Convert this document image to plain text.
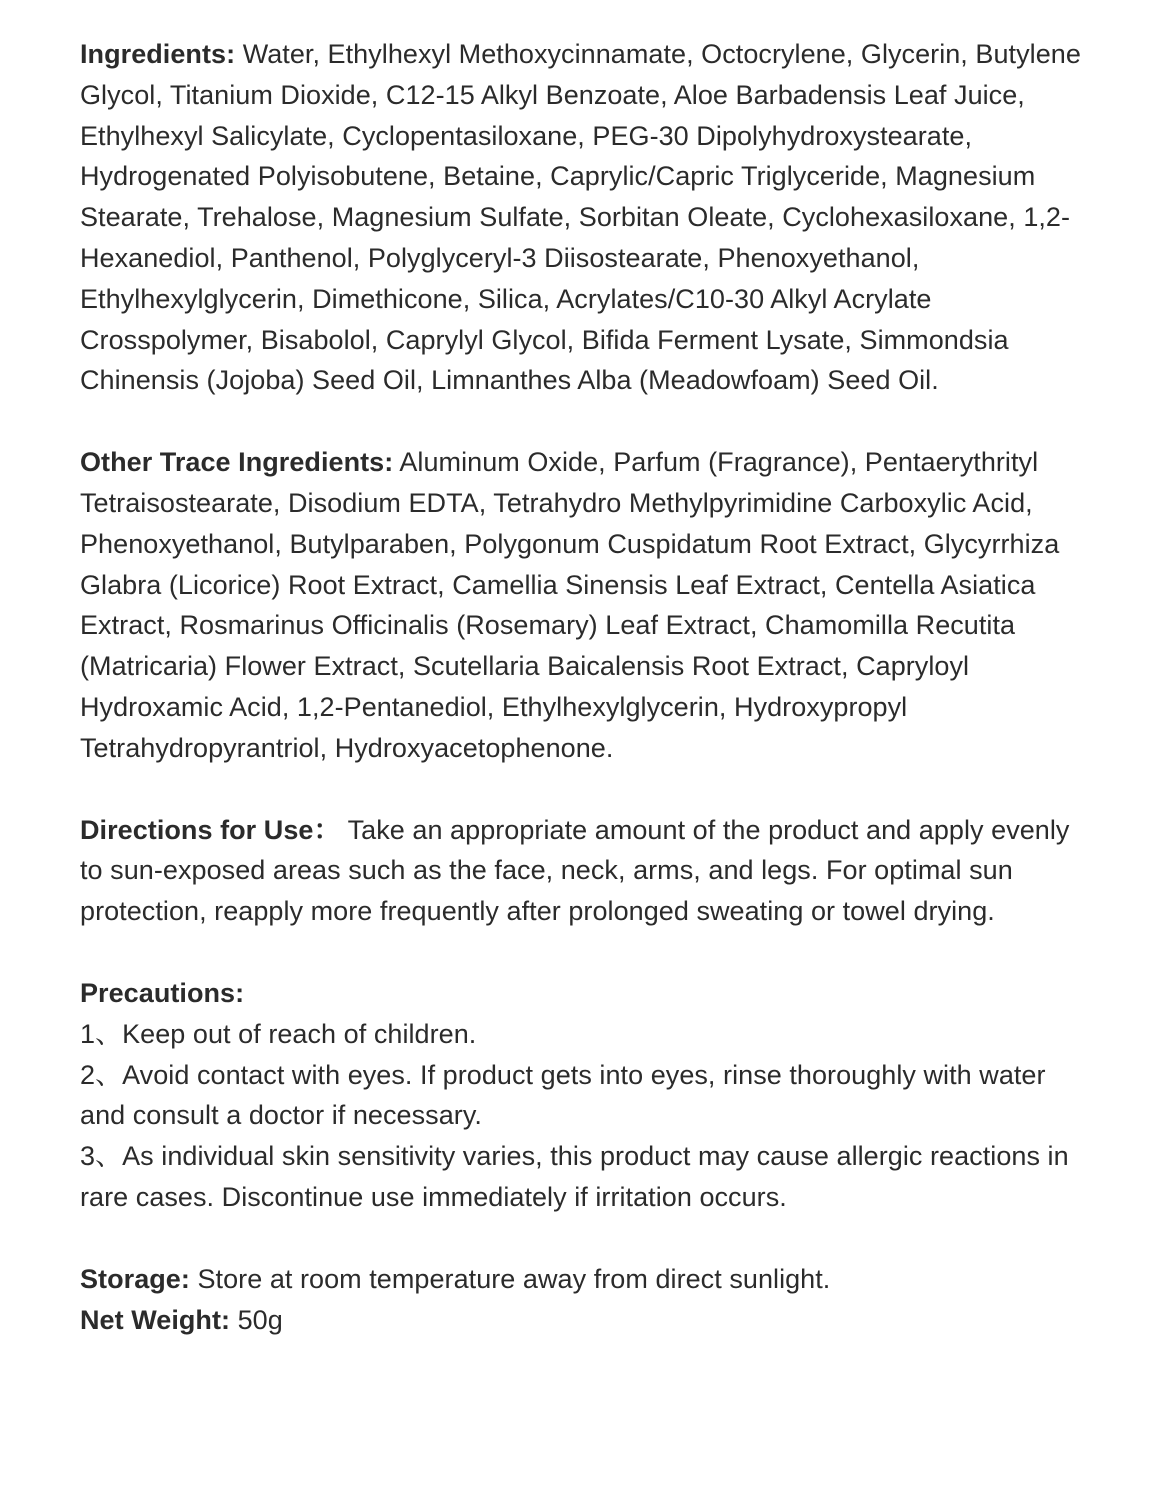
Ingredients: Water, Ethylhexyl Methoxycinnamate, Octocrylene, Glycerin, Butylene Glycol, Titanium Dioxide, C12-15 Alkyl Benzoate, Aloe Barbadensis Leaf Juice, Ethylhexyl Salicylate, Cyclopentasiloxane, PEG-30 Dipolyhydroxystearate, Hydrogenated Polyisobutene, Betaine, Caprylic/Capric Triglyceride, Magnesium Stearate, Trehalose, Magnesium Sulfate, Sorbitan Oleate, Cyclohexasiloxane, 1,2-Hexanediol, Panthenol, Polyglyceryl-3 Diisostearate, Phenoxyethanol, Ethylhexylglycerin, Dimethicone, Silica, Acrylates/C10-30 Alkyl Acrylate Crosspolymer, Bisabolol, Caprylyl Glycol, Bifida Ferment Lysate, Simmondsia Chinensis (Jojoba) Seed Oil, Limnanthes Alba (Meadowfoam) Seed Oil.

Other Trace Ingredients: Aluminum Oxide, Parfum (Fragrance), Pentaerythrityl Tetraisostearate, Disodium EDTA, Tetrahydro Methylpyrimidine Carboxylic Acid, Phenoxyethanol, Butylparaben, Polygonum Cuspidatum Root Extract, Glycyrrhiza Glabra (Licorice) Root Extract, Camellia Sinensis Leaf Extract, Centella Asiatica Extract, Rosmarinus Officinalis (Rosemary) Leaf Extract, Chamomilla Recutita (Matricaria) Flower Extract, Scutellaria Baicalensis Root Extract, Capryloyl Hydroxamic Acid, 1,2-Pentanediol, Ethylhexylglycerin, Hydroxypropyl Tetrahydropyrantriol, Hydroxyacetophenone.

Directions for Use： Take an appropriate amount of the product and apply evenly to sun-exposed areas such as the face, neck, arms, and legs. For optimal sun protection, reapply more frequently after prolonged sweating or towel drying.

Precautions:

1、Keep out of reach of children.
2、Avoid contact with eyes. If product gets into eyes, rinse thoroughly with water and consult a doctor if necessary.
3、As individual skin sensitivity varies, this product may cause allergic reactions in rare cases. Discontinue use immediately if irritation occurs.

Storage: Store at room temperature away from direct sunlight.

Net Weight: 50g
